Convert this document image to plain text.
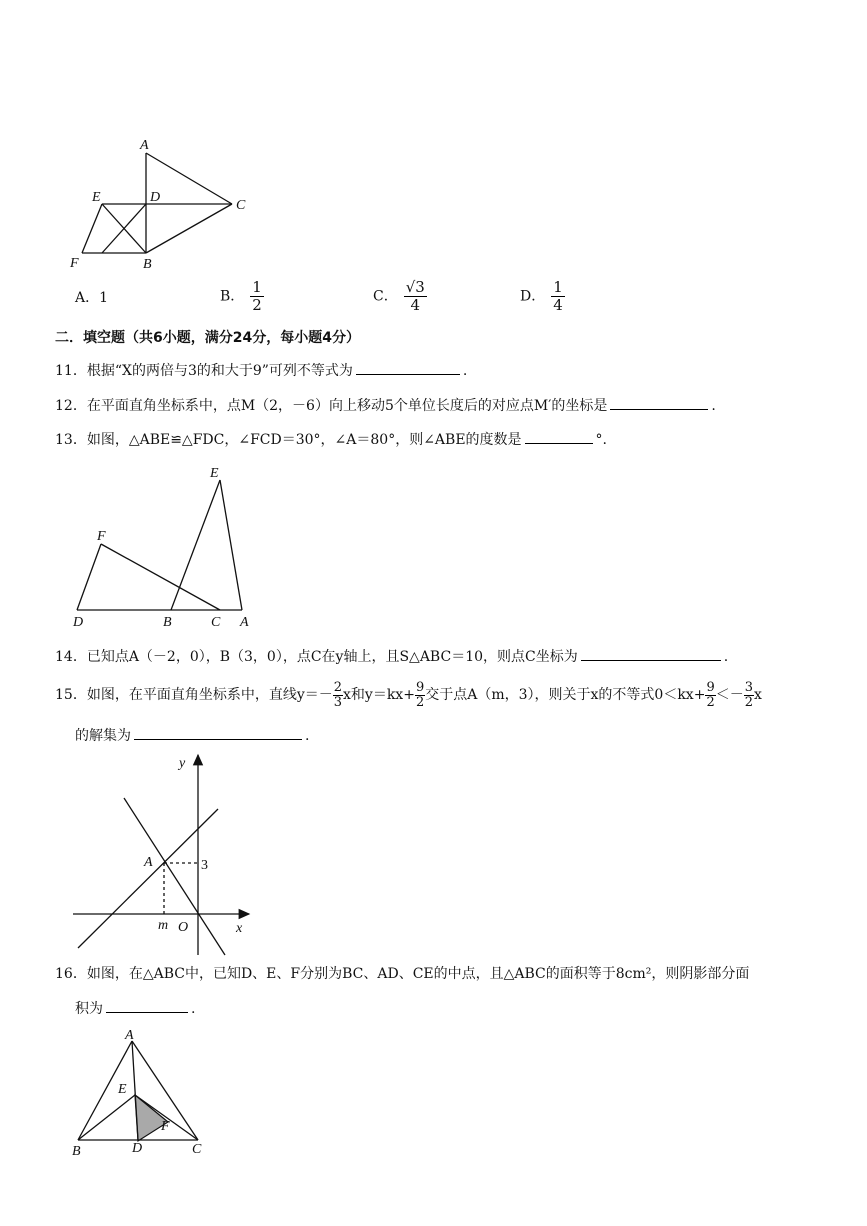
A
D
C
E
F	B
A．1	B． $\frac{1}{2}$	C． $\frac{√3}{4}$	D． $\frac{1}{4}$
二．填空题（共6小题，满分24分，每小题4分）
11．根据“X的两倍与3的和大于9”可列不等式为	.
12．在平面直角坐标系中，点M（2，－6）向上移动5个单位长度后的对应点M′的坐标是	.
13．如图，△ABE≌△FDC，∠FCD＝30°，∠A＝80°，则∠ABE的度数是	°.
E
F
D	B	C A
14．已知点A（－2，0），B（3，0），点C在y轴上，且S△ABC＝10，则点C坐标为	.
15．如图，在平面直角坐标系中，直线$y=- \frac{2}{3}$ x和$y=kx+ \frac{9}{2}$ 交于点A（m，3），则关于x的不等式$0<kx+ \frac{9}{2} <- \frac{3}{2}$ x
的解集为	.
y
x
A	3
m O
16．如图，在△ABC中，已知D、E、F分别为BC、AD、CE的中点，且△ABC的面积等于8cm²，则阴影部分面
积为	.
A
E
F
B	D	C
